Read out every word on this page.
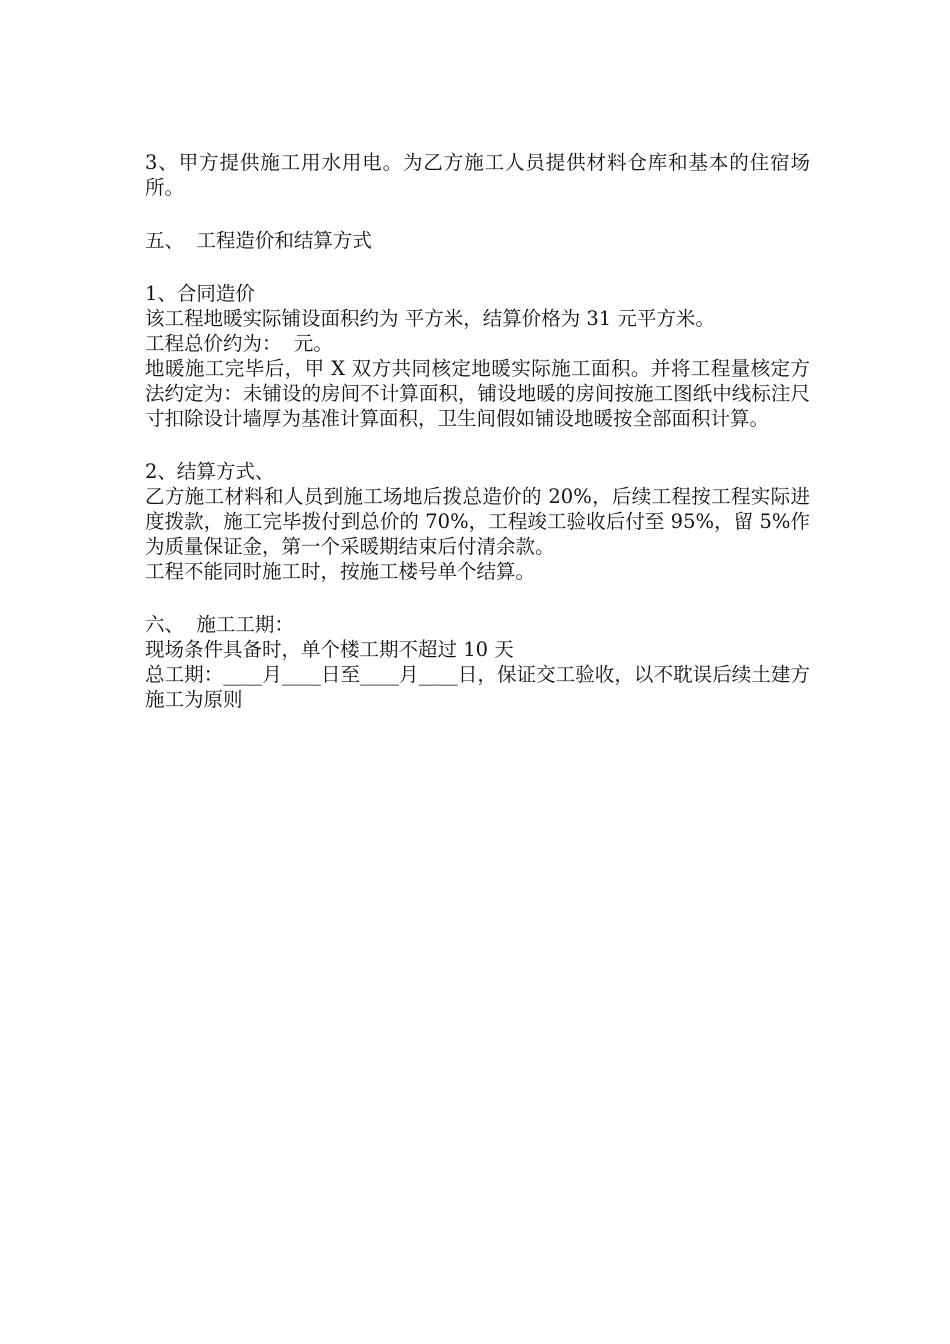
3、甲方提供施工用水用电。为乙方施工人员提供材料仓库和基本的住宿场所。

五、  工程造价和结算方式

1、合同造价

该工程地暖实际铺设面积约为 平方米，结算价格为 31 元平方米。

工程总价约为：  元。

地暖施工完毕后，甲 X 双方共同核定地暖实际施工面积。并将工程量核定方法约定为：未铺设的房间不计算面积，铺设地暖的房间按施工图纸中线标注尺寸扣除设计墙厚为基准计算面积，卫生间假如铺设地暖按全部面积计算。

2、结算方式、

乙方施工材料和人员到施工场地后拨总造价的 20%，后续工程按工程实际进度拨款，施工完毕拨付到总价的 70%，工程竣工验收后付至 95%，留 5%作为质量保证金，第一个采暖期结束后付清余款。

工程不能同时施工时，按施工楼号单个结算。

六、  施工工期：

现场条件具备时，单个楼工期不超过 10 天

总工期：____月____日至____月____日，保证交工验收，以不耽误后续土建方施工为原则
